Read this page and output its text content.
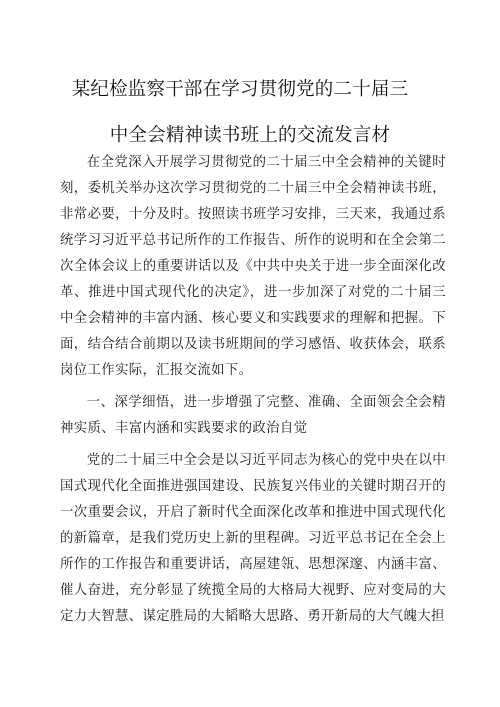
某纪检监察干部在学习贯彻党的二十届三
中全会精神读书班上的交流发言材

在全党深入开展学习贯彻党的二十届三中全会精神的关键时刻，委机关举办这次学习贯彻党的二十届三中全会精神读书班，非常必要，十分及时。按照读书班学习安排，三天来，我通过系统学习习近平总书记所作的工作报告、所作的说明和在全会第二次全体会议上的重要讲话以及《中共中央关于进一步全面深化改革、推进中国式现代化的决定》，进一步加深了对党的二十届三中全会精神的丰富内涵、核心要义和实践要求的理解和把握。下面，结合结合前期以及读书班期间的学习感悟、收获体会，联系岗位工作实际，汇报交流如下。

一、深学细悟，进一步增强了完整、准确、全面领会全会精神实质、丰富内涵和实践要求的政治自觉

党的二十届三中全会是以习近平同志为核心的党中央在以中国式现代化全面推进强国建设、民族复兴伟业的关键时期召开的一次重要会议，开启了新时代全面深化改革和推进中国式现代化的新篇章，是我们党历史上新的里程碑。习近平总书记在全会上所作的工作报告和重要讲话，高屋建瓴、思想深邃、内涵丰富、催人奋进，充分彰显了统揽全局的大格局大视野、应对变局的大定力大智慧、谋定胜局的大韬略大思路、勇开新局的大气魄大担
